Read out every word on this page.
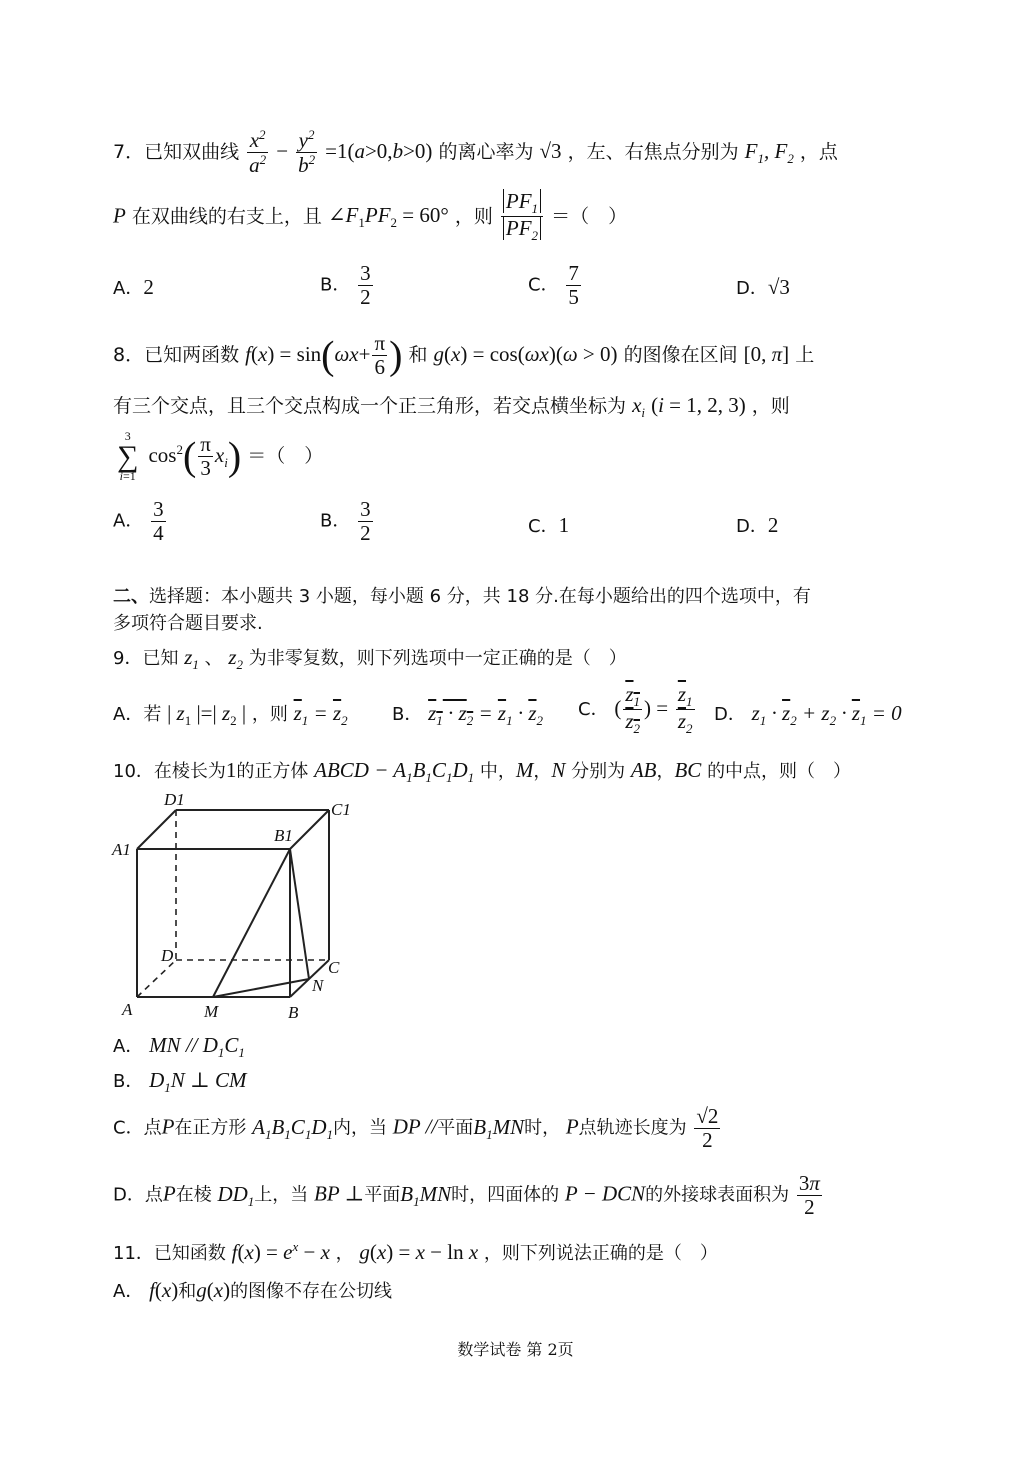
7．已知双曲线 $\frac{x^2}{a^2} - \frac{y^2}{b^2} =1(a>0,b>0)$ 的离心率为 √3 ，左、右焦点分别为 $F_1$, $F_2$ ，点
P 在双曲线的右支上，且 $\angle F_1PF_2 = 60^\circ$ ，则 $\frac{PF_1}{PF_2}$ ＝（　）
A．2	B． $\frac{3}{2}$	C． $\frac{7}{5}$	D．√3
8．已知两函数 $f(x) = \sin(\omega x+ \frac{\pi}{6}$ ) 和 g(x) = cos(ωx)(ω > 0) 的图像在区间 [0, π] 上
有三个交点，且三个交点构成一个正三角形，若交点横坐标为 $x_i$ (i = 1, 2, 3) ，则
3
∑
i=1
$\cos^2( \frac{\pi}{3} x_i)$ ＝（　）
A． $\frac{3}{4}$	B． $\frac{3}{2}$	C．1	D．2
二、选择题：本小题共 3 小题，每小题 6 分，共 18 分.在每小题给出的四个选项中，有
多项符合题目要求.
9．已知 $z_1$ 、 $z_2$ 为非零复数，则下列选项中一定正确的是（　）
A．若 | $z_1$ |=| $z_2$ | ，则 $\overline{z}_1 = \overline{z}_2$ B． $z_1 \cdot z_2 = \overline{z}_1 \cdot \overline{z}_2$
C． ( $\frac{z_1}{z_2}$ ) = $\frac{\overline{z}_1}{\overline{z}_2}$ D． $z_1 \cdot \overline{z}_2 + z_2 \cdot \overline{z}_1 = 0$
10．在棱长为1的正方体 ABCD − $A_1B_1C_1D_1$ 中，M，N 分别为 AB，BC 的中点，则（　）
D1
C1
A1
B1
D
C
A	M	B
N
A． MN // $D_1C_1$
B． $D_1N$ ⊥ CM
C．点P在正方形 $A_1B_1C_1D_1$内，当 DP //平面$B_1MN$时， P点轨迹长度为 $\frac{√2}{2}$
D．点P在棱 $DD_1$上，当 BP ⊥平面$B_1MN$时，四面体的 P − DCN的外接球表面积为 $\frac{3\pi}{2}$
11．已知函数 $f(x) = e^x - x$ ， g(x) = x − ln x ，则下列说法正确的是（　）
A． f(x)和g(x)的图像不存在公切线
数学试卷 第 2页
